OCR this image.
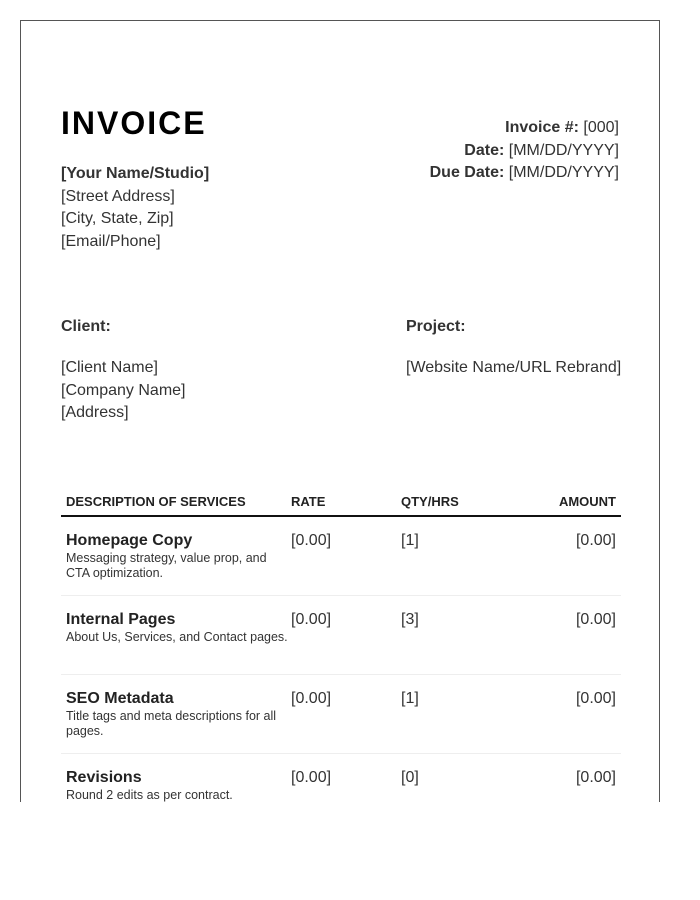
INVOICE
[Your Name/Studio]
[Street Address]
[City, State, Zip]
[Email/Phone]
Invoice #: [000]
Date: [MM/DD/YYYY]
Due Date: [MM/DD/YYYY]
Client:	Project:
[Client Name]
[Company Name]
[Address]
[Website Name/URL Rebrand]
DESCRIPTION OF SERVICES	RATE	QTY/HRS	AMOUNT
Homepage Copy
Messaging strategy, value prop, and CTA optimization.
[0.00]	[1]	[0.00]
Internal Pages
About Us, Services, and Contact pages.
[0.00]	[3]	[0.00]
SEO Metadata
Title tags and meta descriptions for all pages.
[0.00]	[1]	[0.00]
Revisions
Round 2 edits as per contract.
[0.00]	[0]	[0.00]
